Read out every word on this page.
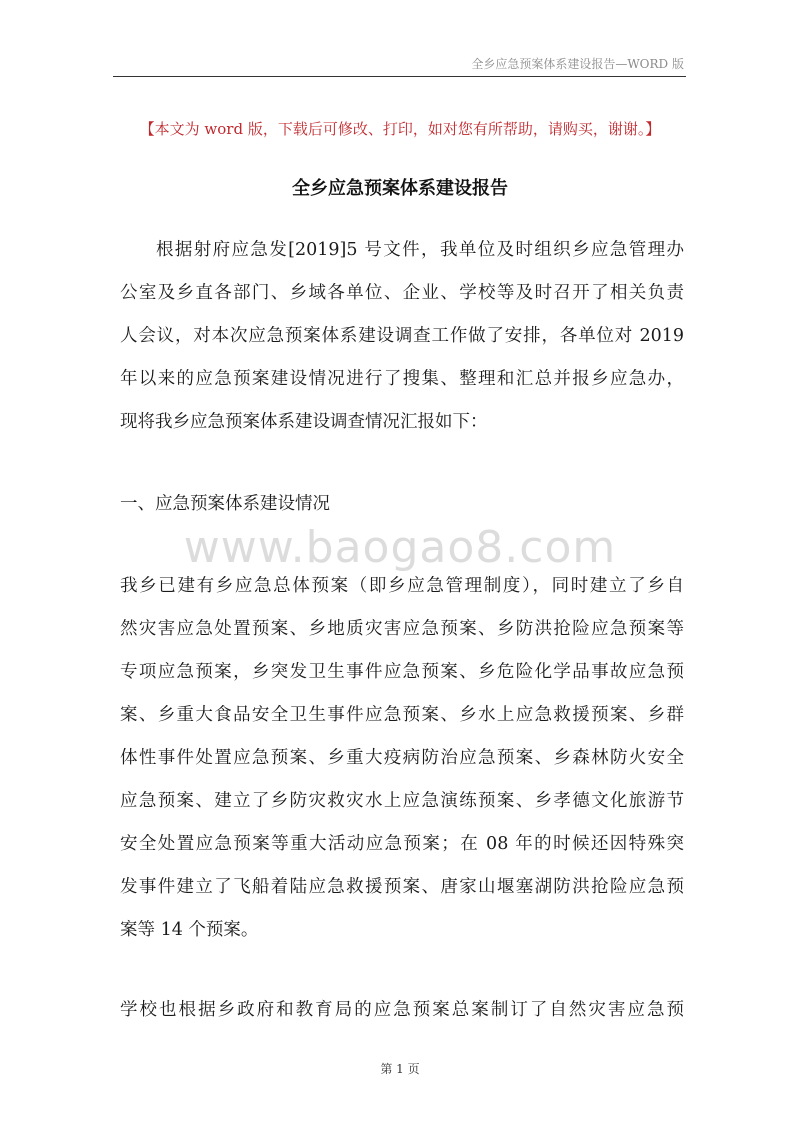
全乡应急预案体系建设报告—WORD 版
【本文为 word 版，下载后可修改、打印，如对您有所帮助，请购买，谢谢。】
全乡应急预案体系建设报告
根据射府应急发[2019]5 号文件，我单位及时组织乡应急管理办
公室及乡直各部门、乡域各单位、企业、学校等及时召开了相关负责
人会议，对本次应急预案体系建设调查工作做了安排，各单位对 2019
年以来的应急预案建设情况进行了搜集、整理和汇总并报乡应急办，
现将我乡应急预案体系建设调查情况汇报如下：
一、应急预案体系建设情况
www.baogao8.com
我乡已建有乡应急总体预案（即乡应急管理制度），同时建立了乡自
然灾害应急处置预案、乡地质灾害应急预案、乡防洪抢险应急预案等
专项应急预案，乡突发卫生事件应急预案、乡危险化学品事故应急预
案、乡重大食品安全卫生事件应急预案、乡水上应急救援预案、乡群
体性事件处置应急预案、乡重大疫病防治应急预案、乡森林防火安全
应急预案、建立了乡防灾救灾水上应急演练预案、乡孝德文化旅游节
安全处置应急预案等重大活动应急预案；在 08 年的时候还因特殊突
发事件建立了飞船着陆应急救援预案、唐家山堰塞湖防洪抢险应急预
案等 14 个预案。
学校也根据乡政府和教育局的应急预案总案制订了自然灾害应急预
第 1 页
